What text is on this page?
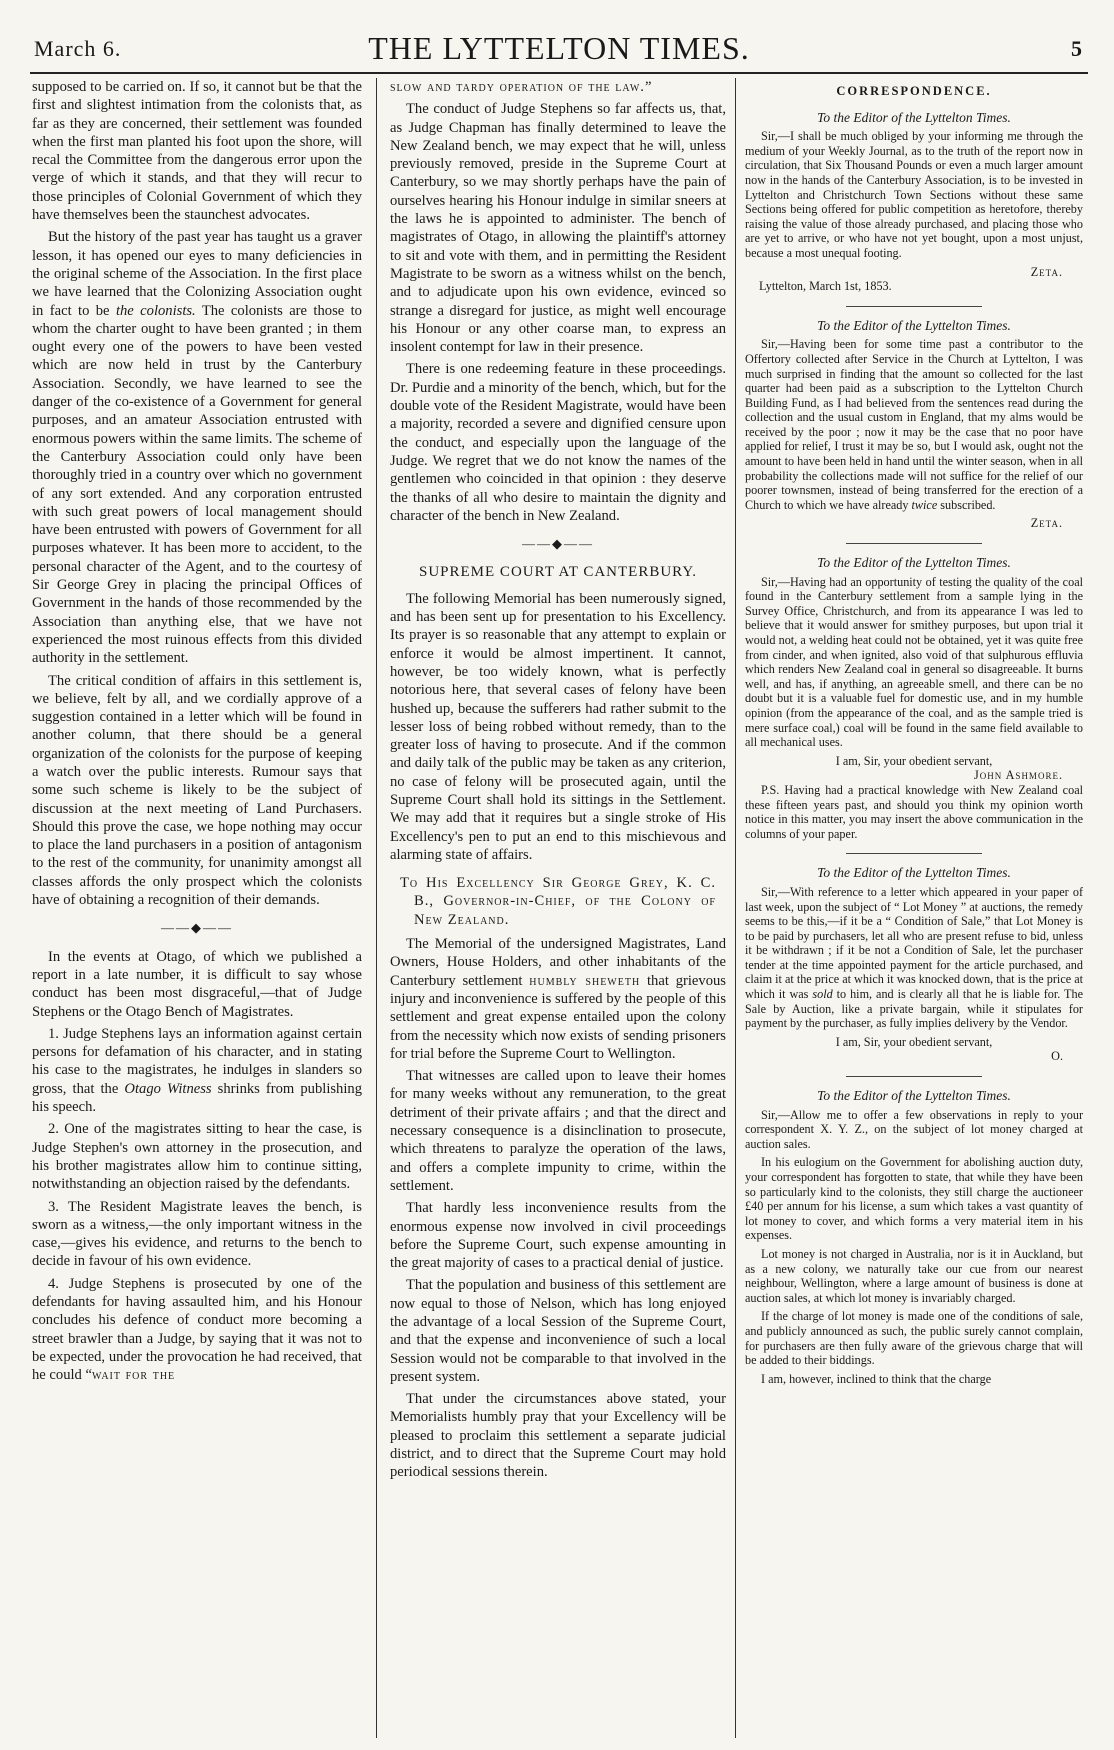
March 6.	THE LYTTELTON TIMES.	5

supposed to be carried on. If so, it cannot but be that the first and slightest intimation from the colonists that, as far as they are concerned, their settlement was founded when the first man planted his foot upon the shore, will recal the Committee from the dangerous error upon the verge of which it stands, and that they will recur to those principles of Colonial Government of which they have themselves been the staunchest advocates.

But the history of the past year has taught us a graver lesson, it has opened our eyes to many deficiencies in the original scheme of the Association. In the first place we have learned that the Colonizing Association ought in fact to be the colonists. The colonists are those to whom the charter ought to have been granted ; in them ought every one of the powers to have been vested which are now held in trust by the Canterbury Association. Secondly, we have learned to see the danger of the co-existence of a Government for general purposes, and an amateur Association entrusted with enormous powers within the same limits. The scheme of the Canterbury Association could only have been thoroughly tried in a country over which no government of any sort extended. And any corporation entrusted with such great powers of local management should have been entrusted with powers of Government for all purposes whatever. It has been more to accident, to the personal character of the Agent, and to the courtesy of Sir George Grey in placing the principal Offices of Government in the hands of those recommended by the Association than anything else, that we have not experienced the most ruinous effects from this divided authority in the settlement.

The critical condition of affairs in this settlement is, we believe, felt by all, and we cordially approve of a suggestion contained in a letter which will be found in another column, that there should be a general organization of the colonists for the purpose of keeping a watch over the public interests. Rumour says that some such scheme is likely to be the subject of discussion at the next meeting of Land Purchasers. Should this prove the case, we hope nothing may occur to place the land purchasers in a position of antagonism to the rest of the community, for unanimity amongst all classes affords the only prospect which the colonists have of obtaining a recognition of their demands.

——◆——

In the events at Otago, of which we published a report in a late number, it is difficult to say whose conduct has been most disgraceful,—that of Judge Stephens or the Otago Bench of Magistrates.

1. Judge Stephens lays an information against certain persons for defamation of his character, and in stating his case to the magistrates, he indulges in slanders so gross, that the Otago Witness shrinks from publishing his speech.

2. One of the magistrates sitting to hear the case, is Judge Stephen's own attorney in the prosecution, and his brother magistrates allow him to continue sitting, notwithstanding an objection raised by the defendants.

3. The Resident Magistrate leaves the bench, is sworn as a witness,—the only important witness in the case,—gives his evidence, and returns to the bench to decide in favour of his own evidence.

4. Judge Stephens is prosecuted by one of the defendants for having assaulted him, and his Honour concludes his defence of conduct more becoming a street brawler than a Judge, by saying that it was not to be expected, under the provocation he had received, that he could “wait for the

slow and tardy operation of the law.”

The conduct of Judge Stephens so far affects us, that, as Judge Chapman has finally determined to leave the New Zealand bench, we may expect that he will, unless previously removed, preside in the Supreme Court at Canterbury, so we may shortly perhaps have the pain of ourselves hearing his Honour indulge in similar sneers at the laws he is appointed to administer. The bench of magistrates of Otago, in allowing the plaintiff's attorney to sit and vote with them, and in permitting the Resident Magistrate to be sworn as a witness whilst on the bench, and to adjudicate upon his own evidence, evinced so strange a disregard for justice, as might well encourage his Honour or any other coarse man, to express an insolent contempt for law in their presence.

There is one redeeming feature in these proceedings. Dr. Purdie and a minority of the bench, which, but for the double vote of the Resident Magistrate, would have been a majority, recorded a severe and dignified censure upon the conduct, and especially upon the language of the Judge. We regret that we do not know the names of the gentlemen who coincided in that opinion : they deserve the thanks of all who desire to maintain the dignity and character of the bench in New Zealand.

——◆——
SUPREME COURT AT CANTERBURY.

The following Memorial has been numerously signed, and has been sent up for presentation to his Excellency. Its prayer is so reasonable that any attempt to explain or enforce it would be almost impertinent. It cannot, however, be too widely known, what is perfectly notorious here, that several cases of felony have been hushed up, because the sufferers had rather submit to the lesser loss of being robbed without remedy, than to the greater loss of having to prosecute. And if the common and daily talk of the public may be taken as any criterion, no case of felony will be prosecuted again, until the Supreme Court shall hold its sittings in the Settlement. We may add that it requires but a single stroke of His Excellency's pen to put an end to this mischievous and alarming state of affairs.

To His Excellency Sir George Grey, K. C. B., Governor-in-Chief, of the Colony of New Zealand.

The Memorial of the undersigned Magistrates, Land Owners, House Holders, and other inhabitants of the Canterbury settlement humbly sheweth that grievous injury and inconvenience is suffered by the people of this settlement and great expense entailed upon the colony from the necessity which now exists of sending prisoners for trial before the Supreme Court to Wellington.

That witnesses are called upon to leave their homes for many weeks without any remuneration, to the great detriment of their private affairs ; and that the direct and necessary consequence is a disinclination to prosecute, which threatens to paralyze the operation of the laws, and offers a complete impunity to crime, within the settlement.

That hardly less inconvenience results from the enormous expense now involved in civil proceedings before the Supreme Court, such expense amounting in the great majority of cases to a practical denial of justice.

That the population and business of this settlement are now equal to those of Nelson, which has long enjoyed the advantage of a local Session of the Supreme Court, and that the expense and inconvenience of such a local Session would not be comparable to that involved in the present system.

That under the circumstances above stated, your Memorialists humbly pray that your Excellency will be pleased to proclaim this settlement a separate judicial district, and to direct that the Supreme Court may hold periodical sessions therein.

CORRESPONDENCE.
To the Editor of the Lyttelton Times.

Sir,—I shall be much obliged by your informing me through the medium of your Weekly Journal, as to the truth of the report now in circulation, that Six Thousand Pounds or even a much larger amount now in the hands of the Canterbury Association, is to be invested in Lyttelton and Christchurch Town Sections without these same Sections being offered for public competition as heretofore, thereby raising the value of those already purchased, and placing those who are yet to arrive, or who have not yet bought, upon a most unjust, because a most unequal footing.

Zeta.

Lyttelton, March 1st, 1853.

To the Editor of the Lyttelton Times.

Sir,—Having been for some time past a contributor to the Offertory collected after Service in the Church at Lyttelton, I was much surprised in finding that the amount so collected for the last quarter had been paid as a subscription to the Lyttelton Church Building Fund, as I had believed from the sentences read during the collection and the usual custom in England, that my alms would be received by the poor ; now it may be the case that no poor have applied for relief, I trust it may be so, but I would ask, ought not the amount to have been held in hand until the winter season, when in all probability the collections made will not suffice for the relief of our poorer townsmen, instead of being transferred for the erection of a Church to which we have already twice subscribed.

Zeta.
To the Editor of the Lyttelton Times.

Sir,—Having had an opportunity of testing the quality of the coal found in the Canterbury settlement from a sample lying in the Survey Office, Christchurch, and from its appearance I was led to believe that it would answer for smithey purposes, but upon trial it would not, a welding heat could not be obtained, yet it was quite free from cinder, and when ignited, also void of that sulphurous effluvia which renders New Zealand coal in general so disagreeable. It burns well, and has, if anything, an agreeable smell, and there can be no doubt but it is a valuable fuel for domestic use, and in my humble opinion (from the appearance of the coal, and as the sample tried is mere surface coal,) coal will be found in the same field available to all mechanical uses.

I am, Sir, your obedient servant,
John Ashmore.

P.S. Having had a practical knowledge with New Zealand coal these fifteen years past, and should you think my opinion worth notice in this matter, you may insert the above communication in the columns of your paper.

To the Editor of the Lyttelton Times.

Sir,—With reference to a letter which appeared in your paper of last week, upon the subject of “ Lot Money ” at auctions, the remedy seems to be this,—if it be a “ Condition of Sale,” that Lot Money is to be paid by purchasers, let all who are present refuse to bid, unless it be withdrawn ; if it be not a Condition of Sale, let the purchaser tender at the time appointed payment for the article purchased, and claim it at the price at which it was knocked down, that is the price at which it was sold to him, and is clearly all that he is liable for. The Sale by Auction, like a private bargain, while it stipulates for payment by the purchaser, as fully implies delivery by the Vendor.

I am, Sir, your obedient servant,
O.
To the Editor of the Lyttelton Times.

Sir,—Allow me to offer a few observations in reply to your correspondent X. Y. Z., on the subject of lot money charged at auction sales.

In his eulogium on the Government for abolishing auction duty, your correspondent has forgotten to state, that while they have been so particularly kind to the colonists, they still charge the auctioneer £40 per annum for his license, a sum which takes a vast quantity of lot money to cover, and which forms a very material item in his expenses.

Lot money is not charged in Australia, nor is it in Auckland, but as a new colony, we naturally take our cue from our nearest neighbour, Wellington, where a large amount of business is done at auction sales, at which lot money is invariably charged.

If the charge of lot money is made one of the conditions of sale, and publicly announced as such, the public surely cannot complain, for purchasers are then fully aware of the grievous charge that will be added to their biddings.

I am, however, inclined to think that the charge
